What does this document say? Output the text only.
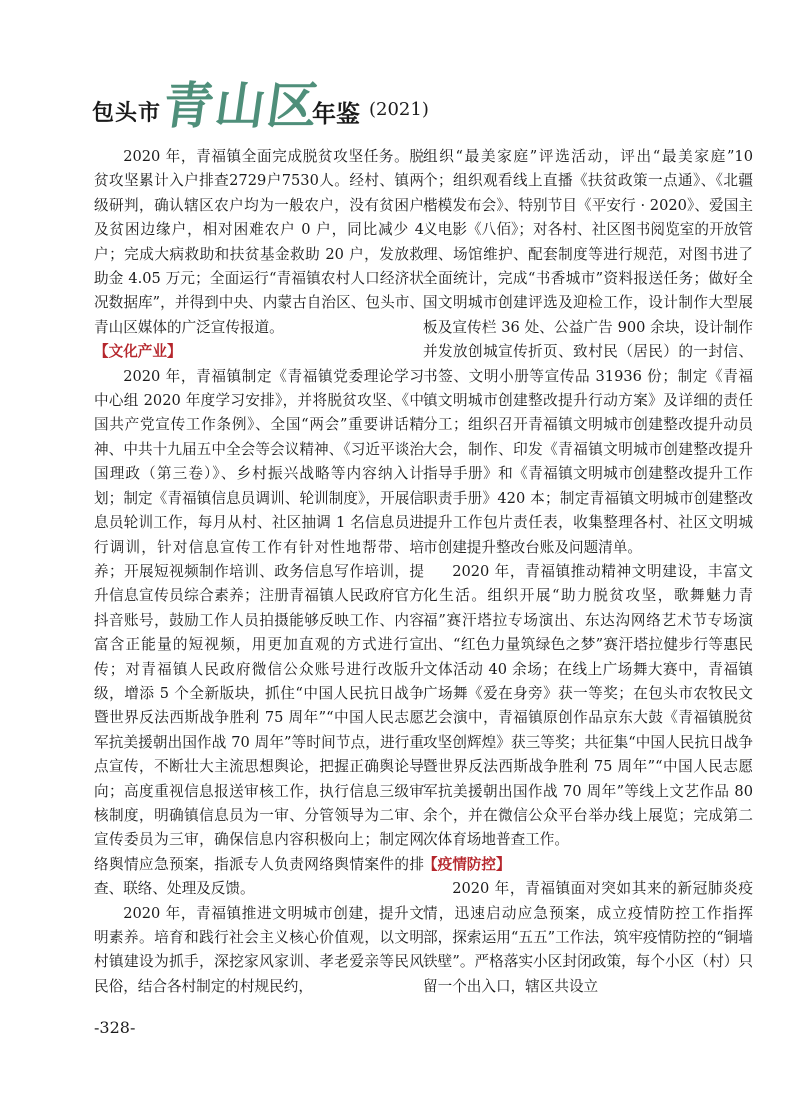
包头市
青山区
年鉴 (2021)

2020 年，青福镇全面完成脱贫攻坚任务。脱贫攻坚累计入户排查2729户7530人。经村、镇两级研判，确认辖区农户均为一般农户，没有贫困户及贫困边缘户，相对困难农户 0 户，同比减少 4 户；完成大病救助和扶贫基金救助 20 户，发放救助金 4.05 万元；全面运行“青福镇农村人口经济状况数据库”，并得到中央、内蒙古自治区、包头市、青山区媒体的广泛宣传报道。

【文化产业】

2020 年，青福镇制定《青福镇党委理论学习中心组 2020 年度学习安排》，并将脱贫攻坚、《中国共产党宣传工作条例》、全国“两会”重要讲话精神、中共十九届五中全会等会议精神、《习近平谈治国理政（第三卷）》、乡村振兴战略等内容纳入计划；制定《青福镇信息员调训、轮训制度》，开展信息员轮训工作，每月从村、社区抽调 1 名信息员进行调训，针对信息宣传工作有针对性地帮带、培养；开展短视频制作培训、政务信息写作培训，提升信息宣传员综合素养；注册青福镇人民政府官方抖音账号，鼓励工作人员拍摄能够反映工作、内容富含正能量的短视频，用更加直观的方式进行宣传；对青福镇人民政府微信公众账号进行改版升级，增添 5 个全新版块，抓住“中国人民抗日战争暨世界反法西斯战争胜利 75 周年”“中国人民志愿军抗美援朝出国作战 70 周年”等时间节点，进行重点宣传，不断壮大主流思想舆论，把握正确舆论导向；高度重视信息报送审核工作，执行信息三级审核制度，明确镇信息员为一审、分管领导为二审、宣传委员为三审，确保信息内容积极向上；制定网络舆情应急预案，指派专人负责网络舆情案件的排查、联络、处理及反馈。

2020 年，青福镇推进文明城市创建，提升文明素养。培育和践行社会主义核心价值观，以文明村镇建设为抓手，深挖家风家训、孝老爱亲等民风民俗，结合各村制定的村规民约，

组织“最美家庭”评选活动，评出“最美家庭”10 个；组织观看线上直播《扶贫政策一点通》、《北疆楷模发布会》、特别节目《平安行 · 2020》、爱国主义电影《八佰》；对各村、社区图书阅览室的开放管理、场馆维护、配套制度等进行规范，对图书进了全面统计，完成“书香城市”资料报送任务；做好全国文明城市创建评选及迎检工作，设计制作大型展板及宣传栏 36 处、公益广告 900 余块，设计制作并发放创城宣传折页、致村民（居民）的一封信、书签、文明小册等宣传品 31936 份；制定《青福镇文明城市创建整改提升行动方案》及详细的责任分工；组织召开青福镇文明城市创建整改提升动员大会，制作、印发《青福镇文明城市创建整改提升指导手册》和《青福镇文明城市创建整改提升工作职责手册》420 本；制定青福镇文明城市创建整改提升工作包片责任表，收集整理各村、社区文明城市创建提升整改台账及问题清单。

2020 年，青福镇推动精神文明建设，丰富文化生活。组织开展“助力脱贫攻坚，歌舞魅力青福”赛汗塔拉专场演出、东达沟网络艺术节专场演出、“红色力量筑绿色之梦”赛汗塔拉健步行等惠民文体活动 40 余场；在线上广场舞大赛中，青福镇广场舞《爱在身旁》获一等奖；在包头市农牧民文艺会演中，青福镇原创作品京东大鼓《青福镇脱贫攻坚创辉煌》获三等奖；共征集“中国人民抗日战争暨世界反法西斯战争胜利 75 周年”“中国人民志愿军抗美援朝出国作战 70 周年”等线上文艺作品 80 余个，并在微信公众平台举办线上展览；完成第二次体育场地普查工作。

【疫情防控】

2020 年，青福镇面对突如其来的新冠肺炎疫情，迅速启动应急预案，成立疫情防控工作指挥部，探索运用“五五”工作法，筑牢疫情防控的“铜墙铁壁”。严格落实小区封闭政策，每个小区（村）只留一个出入口，辖区共设立

-328-
